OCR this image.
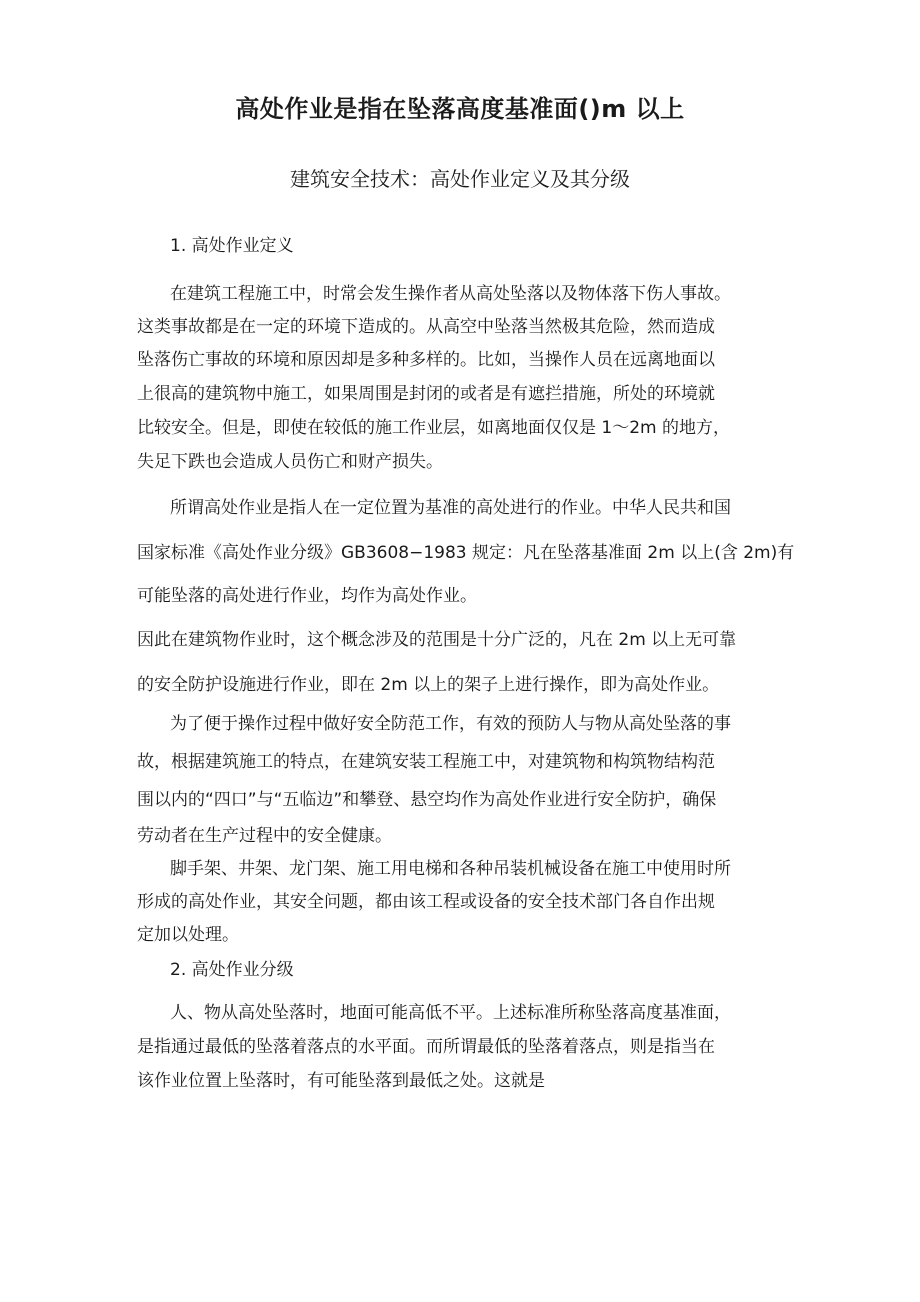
高处作业是指在坠落高度基准面()m 以上
建筑安全技术：高处作业定义及其分级
1. 高处作业定义
在建筑工程施工中，时常会发生操作者从高处坠落以及物体落下伤人事故。
这类事故都是在一定的环境下造成的。从高空中坠落当然极其危险，然而造成
坠落伤亡事故的环境和原因却是多种多样的。比如，当操作人员在远离地面以
上很高的建筑物中施工，如果周围是封闭的或者是有遮拦措施，所处的环境就
比较安全。但是，即使在较低的施工作业层，如离地面仅仅是 1～2m 的地方，
失足下跌也会造成人员伤亡和财产损失。
所谓高处作业是指人在一定位置为基准的高处进行的作业。中华人民共和国
国家标准《高处作业分级》GB3608−1983 规定：凡在坠落基准面 2m 以上(含 2m)有
可能坠落的高处进行作业，均作为高处作业。
因此在建筑物作业时，这个概念涉及的范围是十分广泛的，凡在 2m 以上无可靠
的安全防护设施进行作业，即在 2m 以上的架子上进行操作，即为高处作业。
为了便于操作过程中做好安全防范工作，有效的预防人与物从高处坠落的事
故，根据建筑施工的特点，在建筑安装工程施工中，对建筑物和构筑物结构范
围以内的“四口”与“五临边”和攀登、悬空均作为高处作业进行安全防护，确保
劳动者在生产过程中的安全健康。
脚手架、井架、龙门架、施工用电梯和各种吊装机械设备在施工中使用时所
形成的高处作业，其安全问题，都由该工程或设备的安全技术部门各自作出规
定加以处理。
2. 高处作业分级
人、物从高处坠落时，地面可能高低不平。上述标准所称坠落高度基准面，
是指通过最低的坠落着落点的水平面。而所谓最低的坠落着落点，则是指当在
该作业位置上坠落时，有可能坠落到最低之处。这就是
